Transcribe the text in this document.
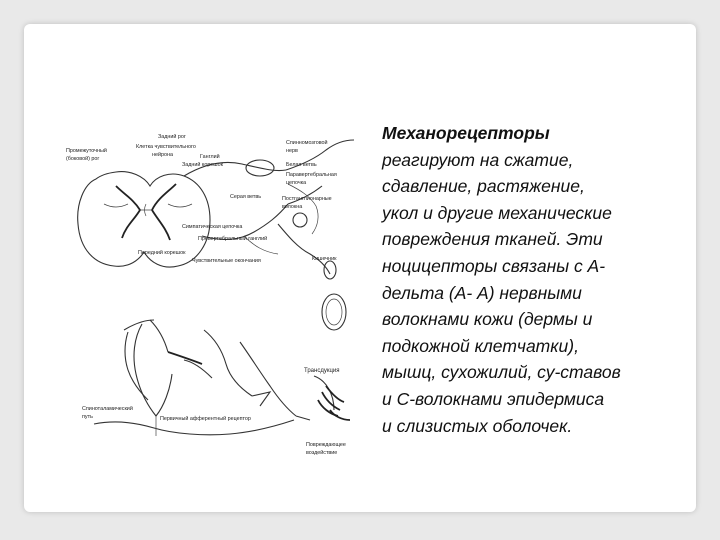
Задний рог
Промежуточный
(боковой) рог
Клетка чувствительного
нейрона	Ганглий
Задний корешок
Спинномозговой
нерв
Белая ветвь
Паравертебральная
цепочка
Серая ветвь	Постганглионарные
волокна
Симпатическая цепочка
Превертебральный ганглий
Передний корешок
Чувствительные окончания	Кишечник
Трансдукция
Спиноталамический
путь	Первичный афферентный рецептор
Повреждающее
воздействие
Механорецепторы
реагируют на сжатие,
сдавление, растяжение,
укол и другие механические
повреждения тканей. Эти
ноцицепторы связаны с А-
дельта (А- А) нервными
волокнами кожи (дермы и
подкожной клетчатки),
мышц, сухожилий, су-ставов
и С-волокнами эпидермиса
и слизистых оболочек.
